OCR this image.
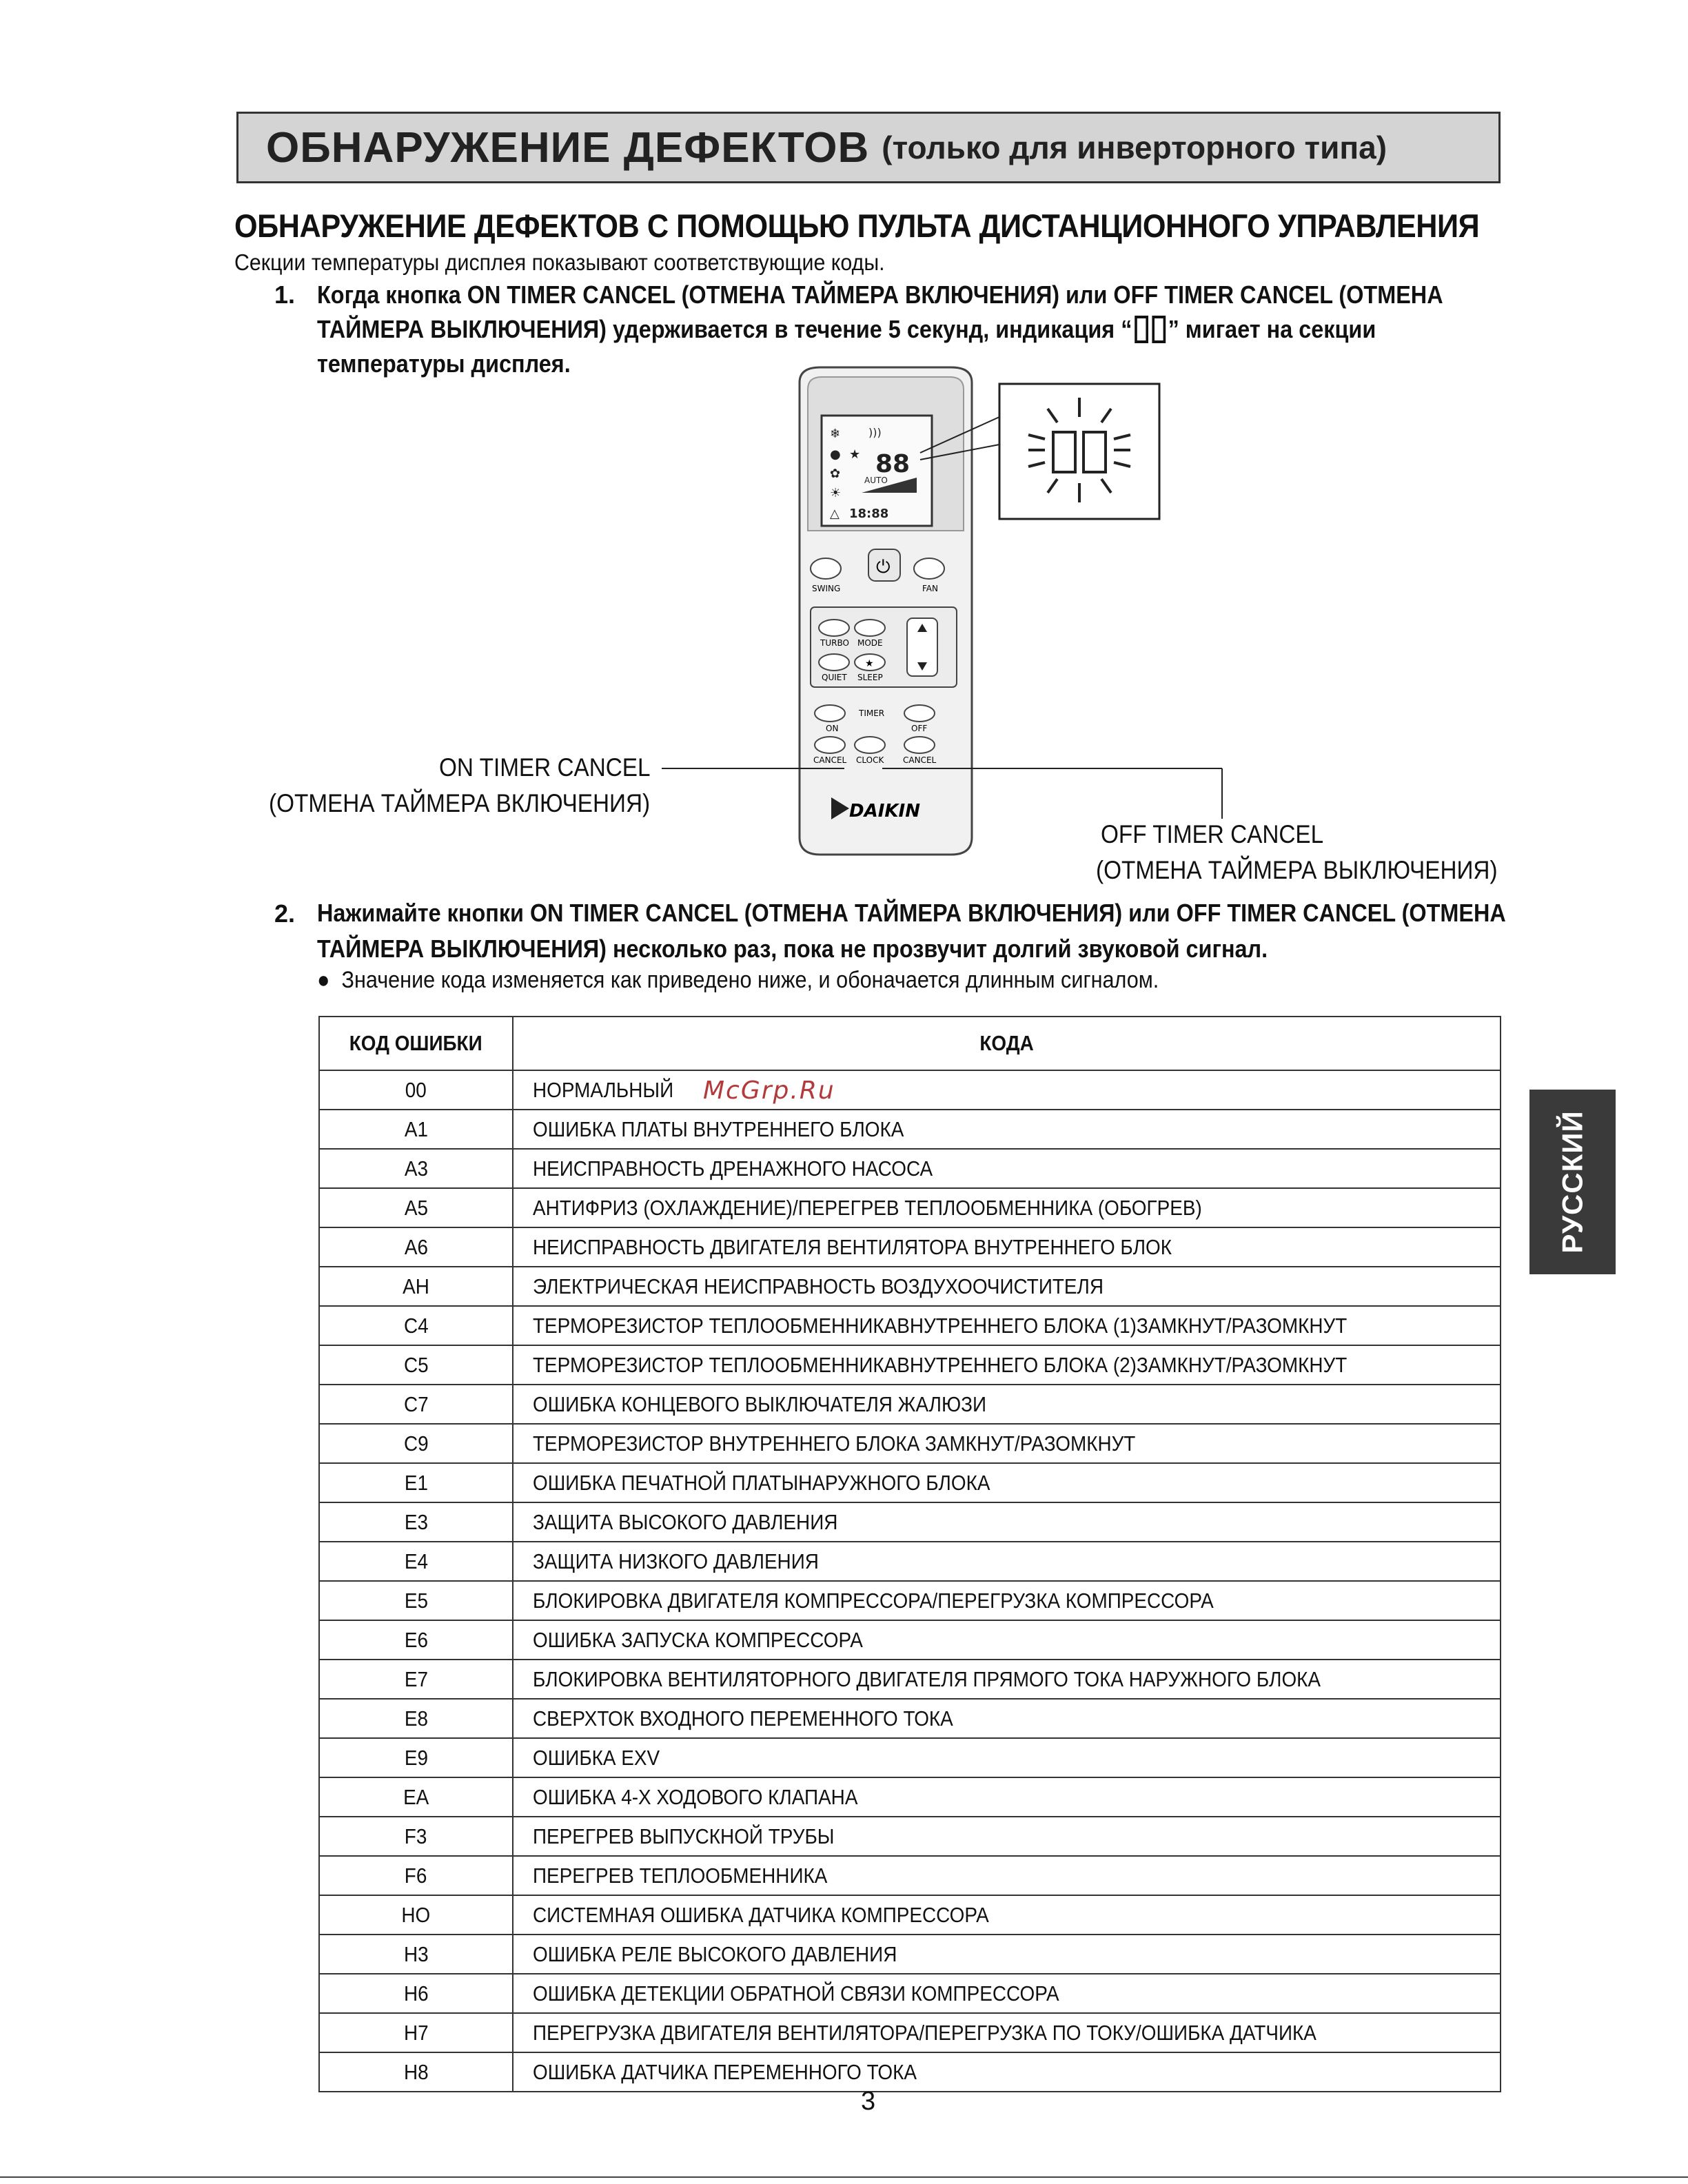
ОБНАРУЖЕНИЕ ДЕФЕКТОВ (только для инверторного типа)
ОБНАРУЖЕНИЕ ДЕФЕКТОВ С ПОМОЩЬЮ ПУЛЬТА ДИСТАНЦИОННОГО УПРАВЛЕНИЯ
Секции температуры дисплея показывают соответствующие коды.
1. Когда кнопка ON TIMER CANCEL (ОТМЕНА ТАЙМЕРА ВКЛЮЧЕНИЯ) или OFF TIMER CANCEL (ОТМЕНА
ТАЙМЕРА ВЫКЛЮЧЕНИЯ) удерживается в течение 5 секунд, индикация “ ” мигает на секции
температуры дисплея.
❄
●
✿
☀
△
★
)))
88
AUTO
18:88
SWING
⏻
FAN
TURBO MODE
QUIET
★
SLEEP
TIMER
ON	OFF
CANCEL CLOCK CANCEL
DAIKIN
ON TIMER CANCEL
(ОТМЕНА ТАЙМЕРА ВКЛЮЧЕНИЯ)
OFF TIMER CANCEL
(ОТМЕНА ТАЙМЕРА ВЫКЛЮЧЕНИЯ)
2. Нажимайте кнопки ON TIMER CANCEL (ОТМЕНА ТАЙМЕРА ВКЛЮЧЕНИЯ) или OFF TIMER CANCEL (ОТМЕНА
ТАЙМЕРА ВЫКЛЮЧЕНИЯ) несколько раз, пока не прозвучит долгий звуковой сигнал.
●  Значение кода изменяется как приведено ниже, и обоначается длинным сигналом.
КОД ОШИБКИ	КОДА
00	НОРМАЛЬНЫЙ
A1	ОШИБКА ПЛАТЫ ВНУТРЕННЕГО БЛОКА
A3	НЕИСПРАВНОСТЬ ДРЕНАЖНОГО НАСОСА
A5	АНТИФРИЗ (ОХЛАЖДЕНИЕ)/ПЕРЕГРЕВ ТЕПЛООБМЕННИКА (ОБОГРЕВ)
A6	НЕИСПРАВНОСТЬ ДВИГАТЕЛЯ ВЕНТИЛЯТОРА ВНУТРЕННЕГО БЛОК
AH	ЭЛЕКТРИЧЕСКАЯ НЕИСПРАВНОСТЬ ВОЗДУХООЧИСТИТЕЛЯ
C4	ТЕРМОРЕЗИСТОР ТЕПЛООБМЕННИКАВНУТРЕННЕГО БЛОКА (1)ЗАМКНУТ/РАЗОМКНУТ
C5	ТЕРМОРЕЗИСТОР ТЕПЛООБМЕННИКАВНУТРЕННЕГО БЛОКА (2)ЗАМКНУТ/РАЗОМКНУТ
C7	ОШИБКА КОНЦЕВОГО ВЫКЛЮЧАТЕЛЯ ЖАЛЮЗИ
C9	ТЕРМОРЕЗИСТОР ВНУТРЕННЕГО БЛОКА ЗАМКНУТ/РАЗОМКНУТ
E1	ОШИБКА ПЕЧАТНОЙ ПЛАТЫНАРУЖНОГО БЛОКА
E3	ЗАЩИТА ВЫСОКОГО ДАВЛЕНИЯ
E4	ЗАЩИТА НИЗКОГО ДАВЛЕНИЯ
E5	БЛОКИРОВКА ДВИГАТЕЛЯ КОМПРЕССОРА/ПЕРЕГРУЗКА КОМПРЕССОРА
E6	ОШИБКА ЗАПУСКА КОМПРЕССОРА
E7	БЛОКИРОВКА ВЕНТИЛЯТОРНОГО ДВИГАТЕЛЯ ПРЯМОГО ТОКА НАРУЖНОГО БЛОКА
E8	СВЕРХТОК ВХОДНОГО ПЕРЕМЕННОГО ТОКА
E9	ОШИБКА EXV
EA	ОШИБКА 4-Х ХОДОВОГО КЛАПАНА
F3	ПЕРЕГРЕВ ВЫПУСКНОЙ ТРУБЫ
F6	ПЕРЕГРЕВ ТЕПЛООБМЕННИКА
HO	СИСТЕМНАЯ ОШИБКА ДАТЧИКА КОМПРЕССОРА
H3	ОШИБКА РЕЛЕ ВЫСОКОГО ДАВЛЕНИЯ
H6	ОШИБКА ДЕТЕКЦИИ ОБРАТНОЙ СВЯЗИ КОМПРЕССОРА
H7	ПЕРЕГРУЗКА ДВИГАТЕЛЯ ВЕНТИЛЯТОРА/ПЕРЕГРУЗКА ПО ТОКУ/ОШИБКА ДАТЧИКА
H8	ОШИБКА ДАТЧИКА ПЕРЕМЕННОГО ТОКА
McGrp.Ru
РУССКИЙ
3
